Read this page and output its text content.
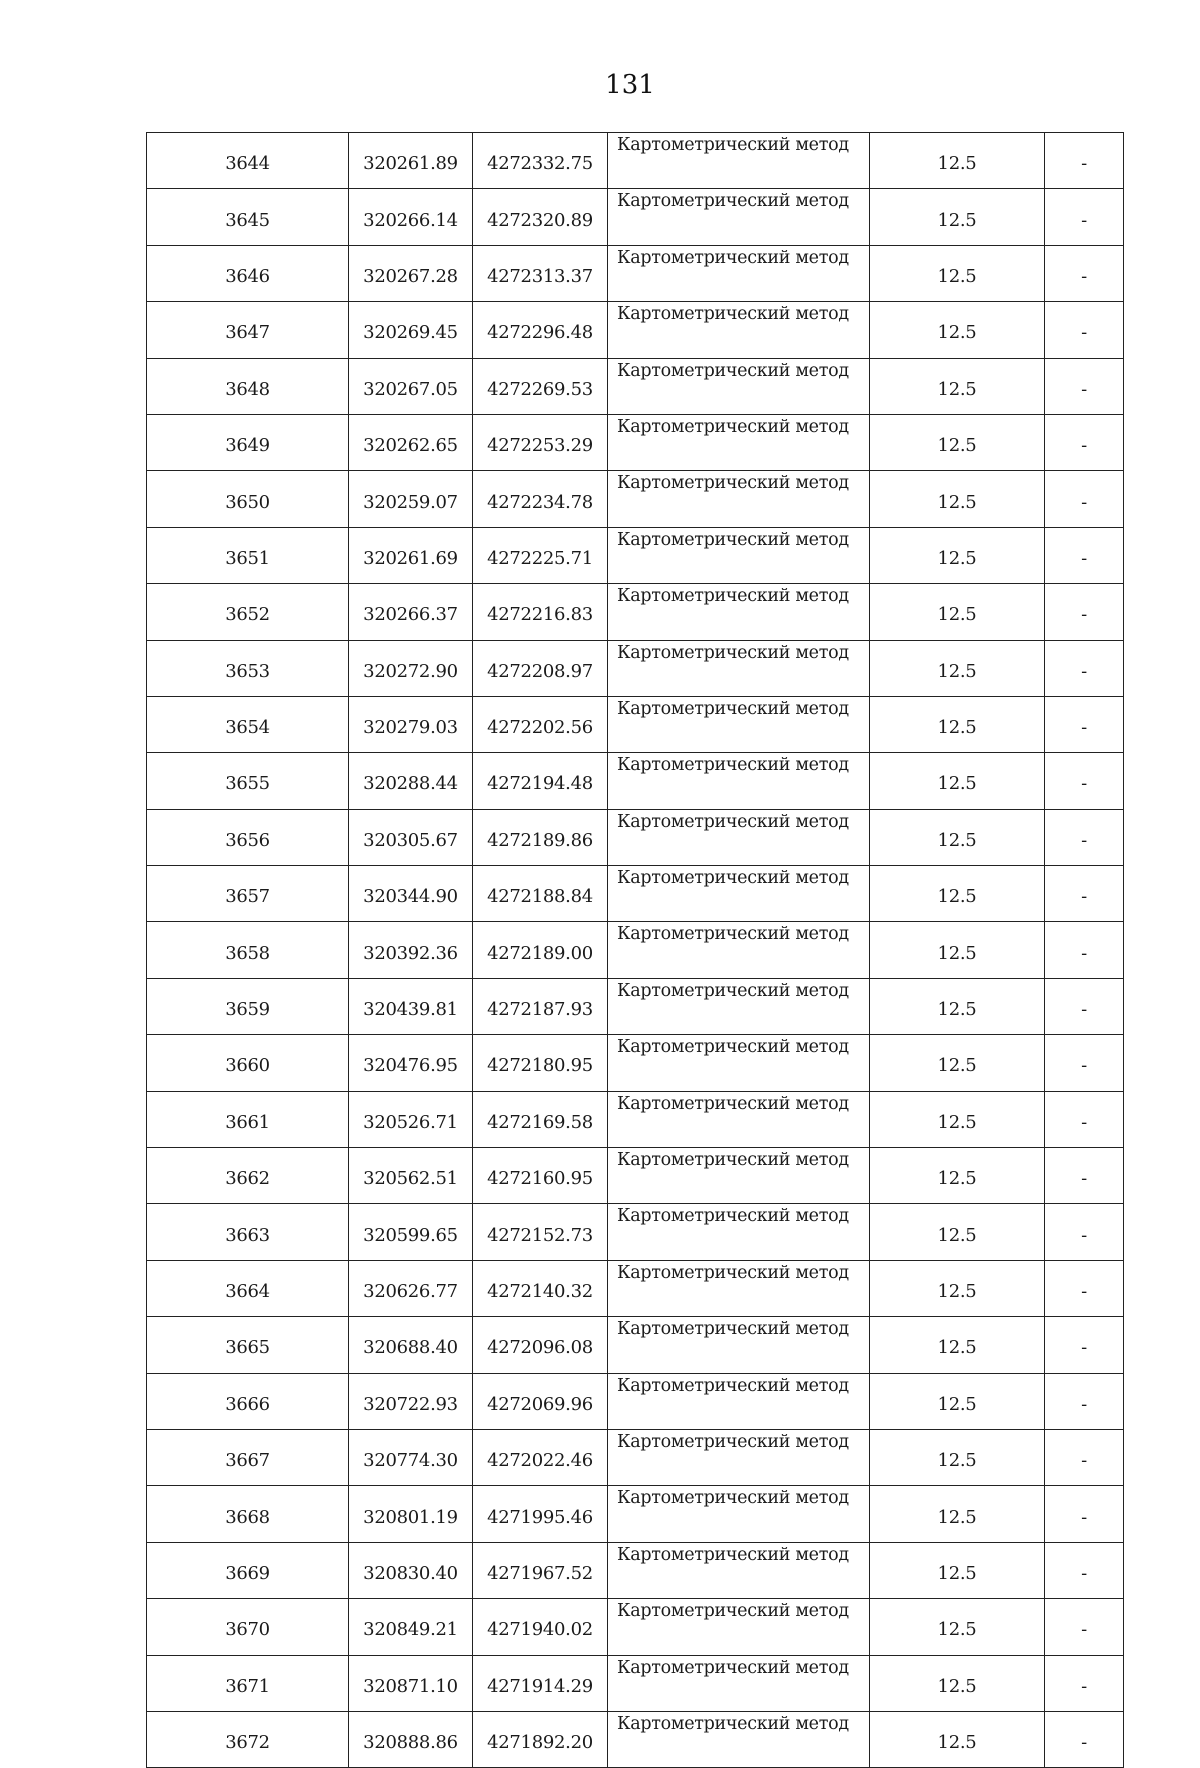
131
3644	320261.89	4272332.75	Картометрический метод	12.5	-
3645	320266.14	4272320.89	Картометрический метод	12.5	-
3646	320267.28	4272313.37	Картометрический метод	12.5	-
3647	320269.45	4272296.48	Картометрический метод	12.5	-
3648	320267.05	4272269.53	Картометрический метод	12.5	-
3649	320262.65	4272253.29	Картометрический метод	12.5	-
3650	320259.07	4272234.78	Картометрический метод	12.5	-
3651	320261.69	4272225.71	Картометрический метод	12.5	-
3652	320266.37	4272216.83	Картометрический метод	12.5	-
3653	320272.90	4272208.97	Картометрический метод	12.5	-
3654	320279.03	4272202.56	Картометрический метод	12.5	-
3655	320288.44	4272194.48	Картометрический метод	12.5	-
3656	320305.67	4272189.86	Картометрический метод	12.5	-
3657	320344.90	4272188.84	Картометрический метод	12.5	-
3658	320392.36	4272189.00	Картометрический метод	12.5	-
3659	320439.81	4272187.93	Картометрический метод	12.5	-
3660	320476.95	4272180.95	Картометрический метод	12.5	-
3661	320526.71	4272169.58	Картометрический метод	12.5	-
3662	320562.51	4272160.95	Картометрический метод	12.5	-
3663	320599.65	4272152.73	Картометрический метод	12.5	-
3664	320626.77	4272140.32	Картометрический метод	12.5	-
3665	320688.40	4272096.08	Картометрический метод	12.5	-
3666	320722.93	4272069.96	Картометрический метод	12.5	-
3667	320774.30	4272022.46	Картометрический метод	12.5	-
3668	320801.19	4271995.46	Картометрический метод	12.5	-
3669	320830.40	4271967.52	Картометрический метод	12.5	-
3670	320849.21	4271940.02	Картометрический метод	12.5	-
3671	320871.10	4271914.29	Картометрический метод	12.5	-
3672	320888.86	4271892.20	Картометрический метод	12.5	-
